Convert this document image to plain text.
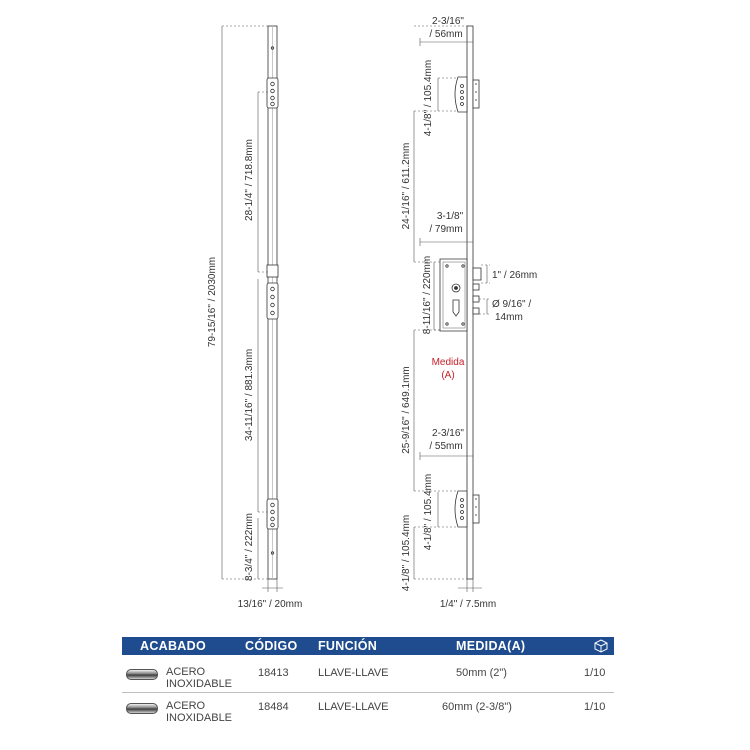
79-15/16" / 2030mm
28-1/4" / 718.8mm
34-11/16" / 881.3mm
8-3/4" / 222mm
13/16" / 20mm
2-3/16"
/ 56mm
4-1/8" / 105.4mm
24-1/16" / 611.2mm 3-1/8"
/ 79mm
8-11/16" / 220mm	1" / 26mm
Ø 9/16" /
14mm
Medida
(A)
25-9/16" / 649.1mm 2-3/16"
/ 55mm
4-1/8" / 105.4mm
4-1/8" / 105.4mm
1/4" / 7.5mm
ACABADO	CÓDIGO FUNCIÓN	MEDIDA(A)
ACERO
INOXIDABLE
18413	LLAVE-LLAVE	50mm (2")	1/10
ACERO
INOXIDABLE
18484	LLAVE-LLAVE	60mm (2-3/8")	1/10
